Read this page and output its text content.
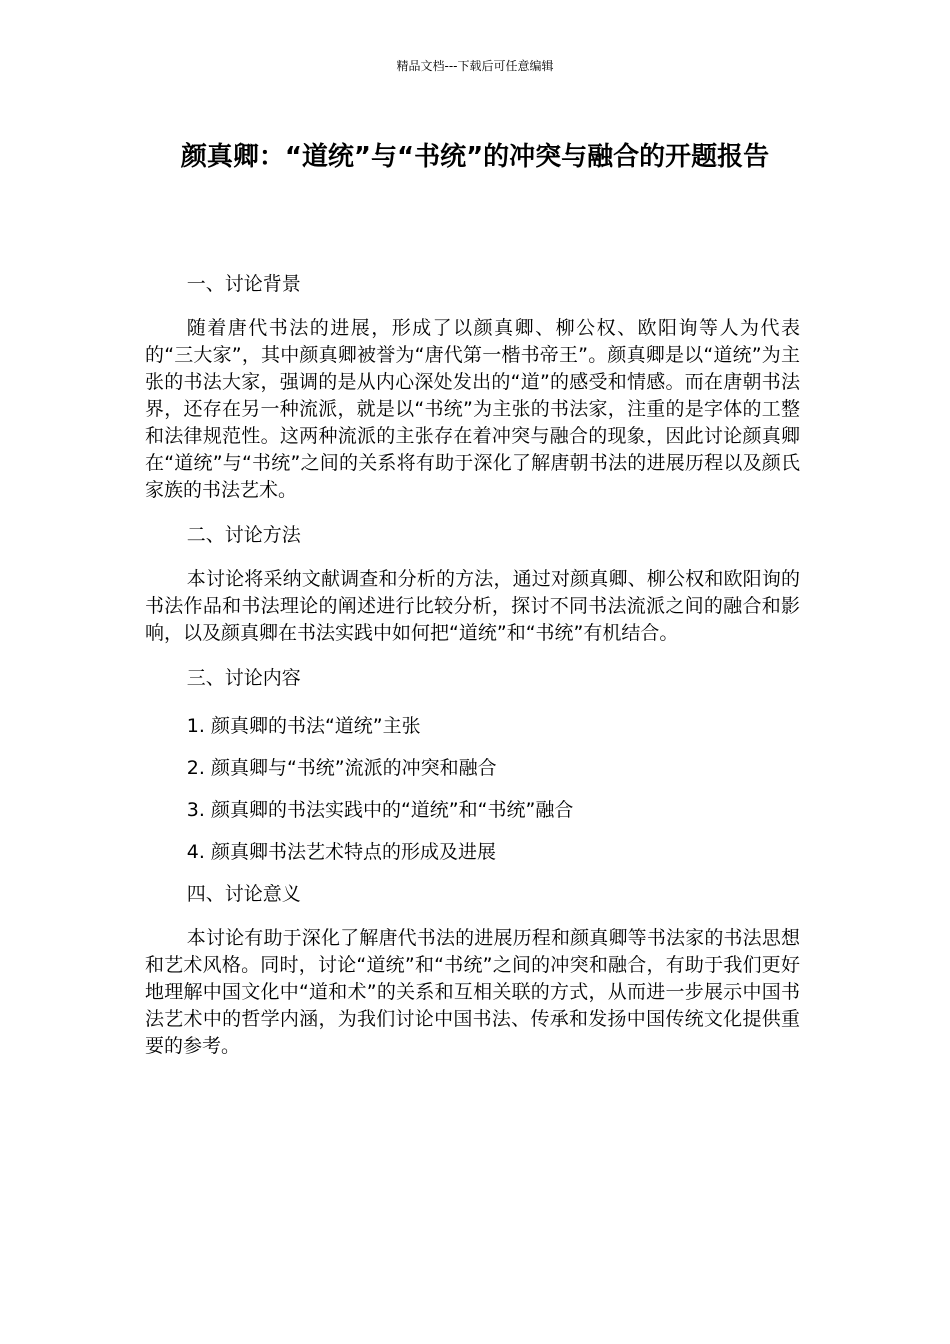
精品文档---下载后可任意编辑
颜真卿：“道统”与“书统”的冲突与融合的开题报告

一、讨论背景

随着唐代书法的进展，形成了以颜真卿、柳公权、欧阳询等人为代表的“三大家”，其中颜真卿被誉为“唐代第一楷书帝王”。颜真卿是以“道统”为主张的书法大家，强调的是从内心深处发出的“道”的感受和情感。而在唐朝书法界，还存在另一种流派，就是以“书统”为主张的书法家，注重的是字体的工整和法律规范性。这两种流派的主张存在着冲突与融合的现象，因此讨论颜真卿在“道统”与“书统”之间的关系将有助于深化了解唐朝书法的进展历程以及颜氏家族的书法艺术。

二、讨论方法

本讨论将采纳文献调查和分析的方法，通过对颜真卿、柳公权和欧阳询的书法作品和书法理论的阐述进行比较分析，探讨不同书法流派之间的融合和影响，以及颜真卿在书法实践中如何把“道统”和“书统”有机结合。

三、讨论内容

1. 颜真卿的书法“道统”主张

2. 颜真卿与“书统”流派的冲突和融合

3. 颜真卿的书法实践中的“道统”和“书统”融合

4. 颜真卿书法艺术特点的形成及进展

四、讨论意义

本讨论有助于深化了解唐代书法的进展历程和颜真卿等书法家的书法思想和艺术风格。同时，讨论“道统”和“书统”之间的冲突和融合，有助于我们更好地理解中国文化中“道和术”的关系和互相关联的方式，从而进一步展示中国书法艺术中的哲学内涵，为我们讨论中国书法、传承和发扬中国传统文化提供重要的参考。
